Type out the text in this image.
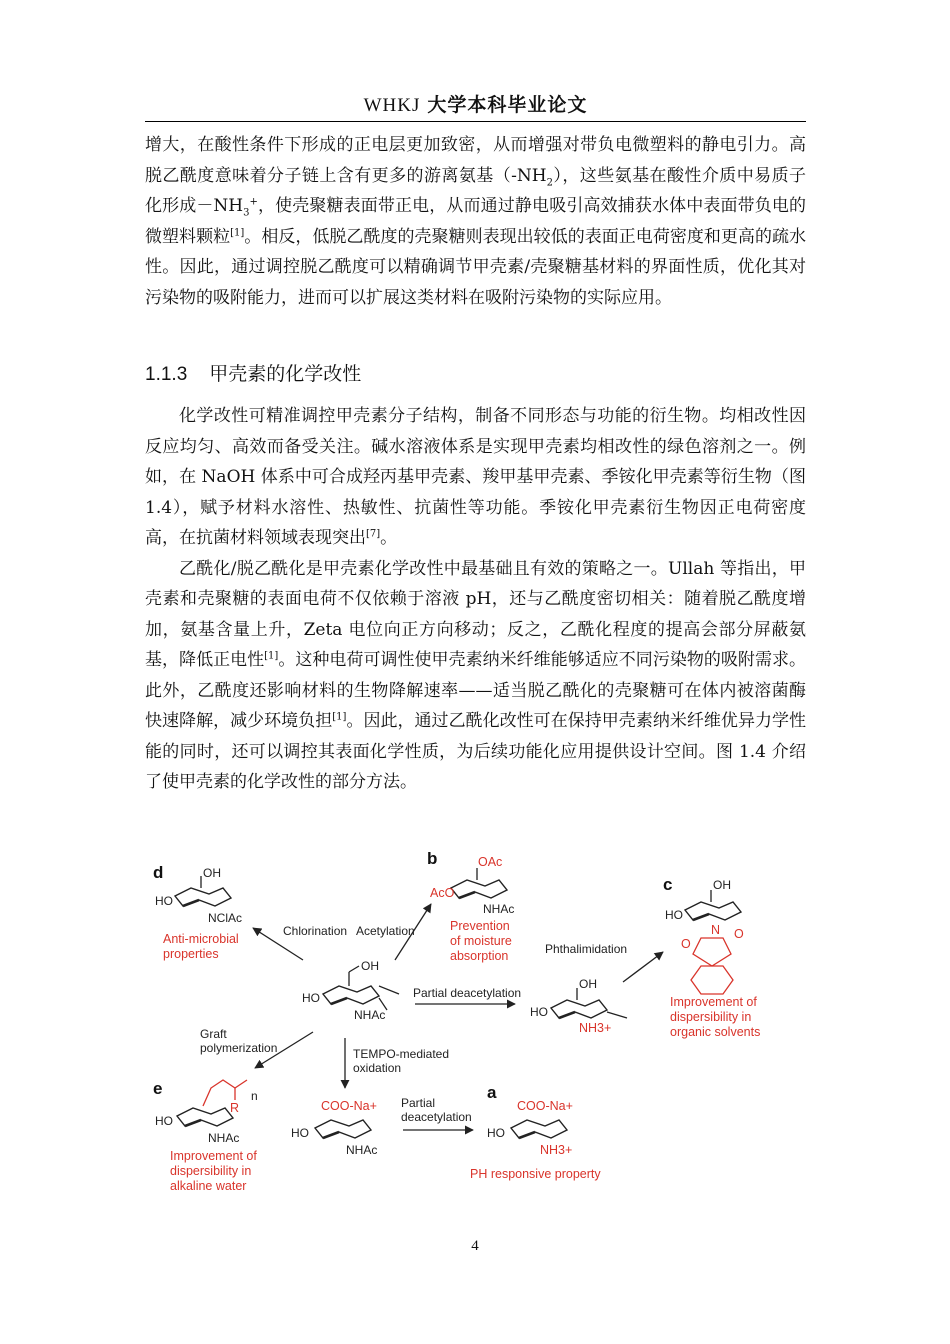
WHKJ 大学本科毕业论文

增大，在酸性条件下形成的正电层更加致密，从而增强对带负电微塑料的静电引力。高脱乙酰度意味着分子链上含有更多的游离氨基$(-NH_2)$，这些氨基在酸性介质中易质子化形成$-NH_3^+$，使壳聚糖表面带正电，从而通过静电吸引高效捕获水体中表面带负电的微塑料颗粒[1]。相反，低脱乙酰度的壳聚糖则表现出较低的表面正电荷密度和更高的疏水性。因此，通过调控脱乙酰度可以精确调节甲壳素/壳聚糖基材料的界面性质，优化其对污染物的吸附能力，进而可以扩展这类材料在吸附污染物的实际应用。

1.1.3 甲壳素的化学改性

化学改性可精准调控甲壳素分子结构，制备不同形态与功能的衍生物。均相改性因反应均匀、高效而备受关注。碱水溶液体系是实现甲壳素均相改性的绿色溶剂之一。例如，在 NaOH 体系中可合成羟丙基甲壳素、羧甲基甲壳素、季铵化甲壳素等衍生物（图 1.4），赋予材料水溶性、热敏性、抗菌性等功能。季铵化甲壳素衍生物因正电荷密度高，在抗菌材料领域表现突出[7]。

乙酰化/脱乙酰化是甲壳素化学改性中最基础且有效的策略之一。Ullah 等指出，甲壳素和壳聚糖的表面电荷不仅依赖于溶液 pH，还与乙酰度密切相关：随着脱乙酰度增加，氨基含量上升，Zeta 电位向正方向移动；反之，乙酰化程度的提高会部分屏蔽氨基，降低正电性[1]。这种电荷可调性使甲壳素纳米纤维能够适应不同污染物的吸附需求。此外，乙酰度还影响材料的生物降解速率——适当脱乙酰化的壳聚糖可在体内被溶菌酶快速降解，减少环境负担[1]。因此，通过乙酰化改性可在保持甲壳素纳米纤维优异力学性能的同时，还可以调控其表面化学性质，为后续功能化应用提供设计空间。图 1.4 介绍了使甲壳素的化学改性的部分方法。

OH
HO
NHAc
d	OH
HO
NClAc
Anti-microbial
properties
Chlorination
b	OAc
AcO
NHAc
Prevention
of moisture
absorption
Acetylation
Partial deacetylation
OH
HO
NH3+
Phthalimidation
c	OH
HO
N O
O
Improvement of
dispersibility in
organic solvents
Graft
polymerization
e
R
n
HO
NHAc
Improvement of
dispersibility in
alkaline water
TEMPO-mediated
oxidation
COO-Na+
HO
NHAc
Partial
deacetylation
a
COO-Na+
HO
NH3+
PH responsive property
4
